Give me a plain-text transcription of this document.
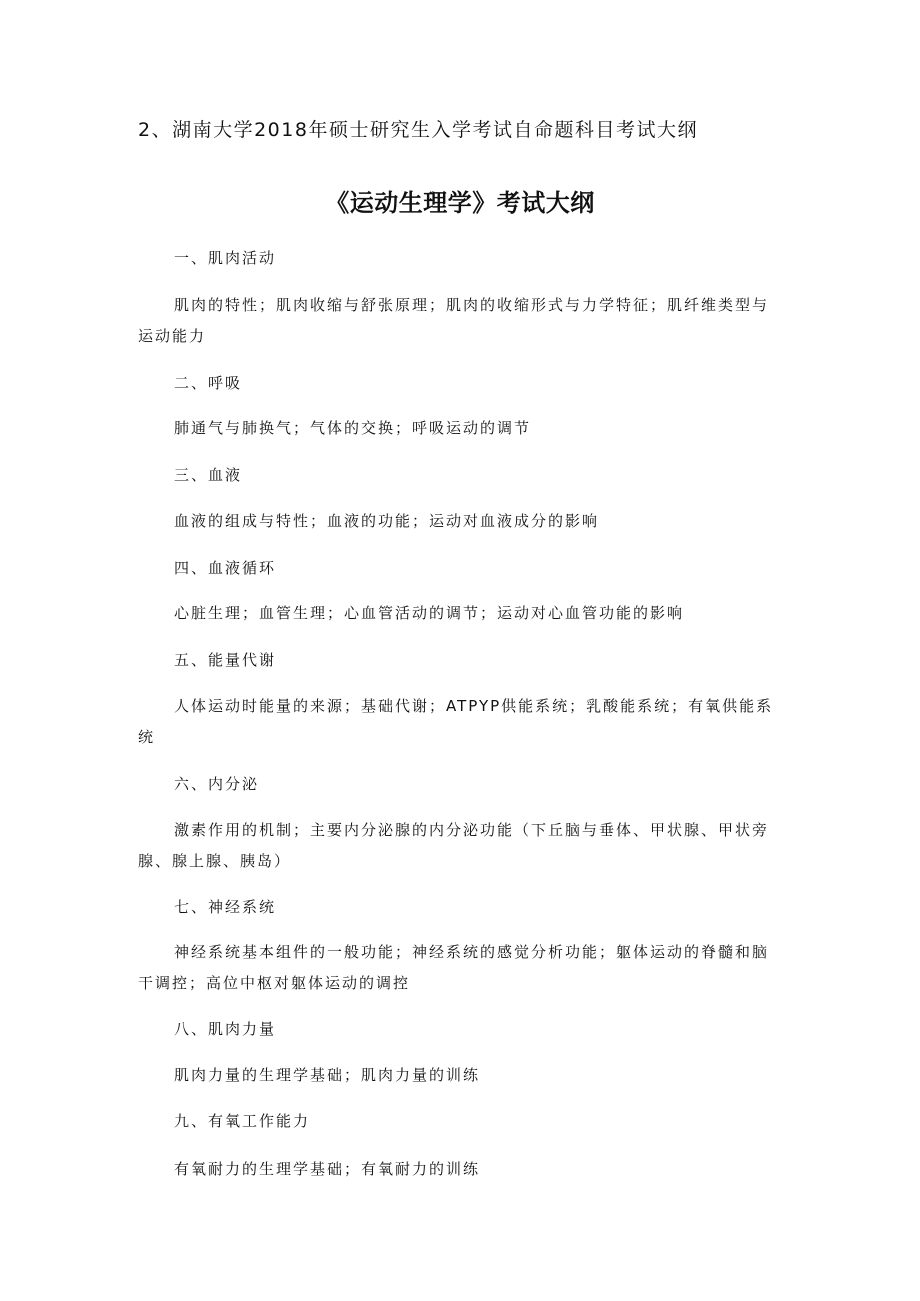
2、湖南大学2018年硕士研究生入学考试自命题科目考试大纲
《运动生理学》考试大纲
一、肌肉活动

肌肉的特性；肌肉收缩与舒张原理；肌肉的收缩形式与力学特征；肌纤维类型与运动能力

二、呼吸

肺通气与肺换气；气体的交换；呼吸运动的调节

三、血液

血液的组成与特性；血液的功能；运动对血液成分的影响

四、血液循环

心脏生理；血管生理；心血管活动的调节；运动对心血管功能的影响

五、能量代谢

人体运动时能量的来源；基础代谢；ATPYP供能系统；乳酸能系统；有氧供能系统

六、内分泌

激素作用的机制；主要内分泌腺的内分泌功能（下丘脑与垂体、甲状腺、甲状旁腺、腺上腺、胰岛）

七、神经系统

神经系统基本组件的一般功能；神经系统的感觉分析功能；躯体运动的脊髓和脑干调控；高位中枢对躯体运动的调控

八、肌肉力量

肌肉力量的生理学基础；肌肉力量的训练

九、有氧工作能力

有氧耐力的生理学基础；有氧耐力的训练
